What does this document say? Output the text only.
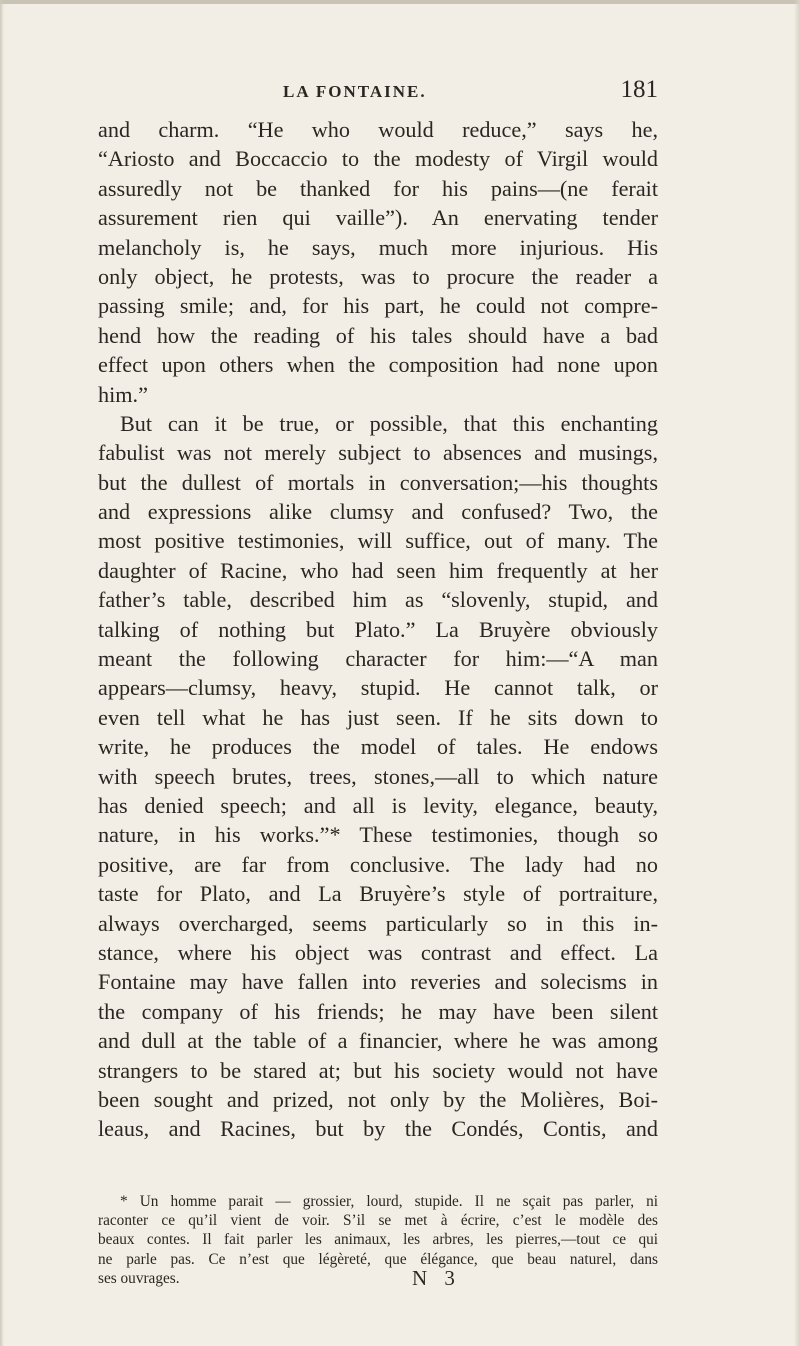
LA FONTAINE.	181
and charm. “He who would reduce,” says he,
“Ariosto and Boccaccio to the modesty of Virgil would
assuredly not be thanked for his pains—(ne ferait
assurement rien qui vaille”). An enervating tender
melancholy is, he says, much more injurious. His
only object, he protests, was to procure the reader a
passing smile; and, for his part, he could not compre-
hend how the reading of his tales should have a bad
effect upon others when the composition had none upon
him.”
But can it be true, or possible, that this enchanting
fabulist was not merely subject to absences and musings,
but the dullest of mortals in conversation;—his thoughts
and expressions alike clumsy and confused? Two, the
most positive testimonies, will suffice, out of many. The
daughter of Racine, who had seen him frequently at her
father’s table, described him as “slovenly, stupid, and
talking of nothing but Plato.” La Bruyère obviously
meant the following character for him:—“A man
appears—clumsy, heavy, stupid. He cannot talk, or
even tell what he has just seen. If he sits down to
write, he produces the model of tales. He endows
with speech brutes, trees, stones,—all to which nature
has denied speech; and all is levity, elegance, beauty,
nature, in his works.”* These testimonies, though so
positive, are far from conclusive. The lady had no
taste for Plato, and La Bruyère’s style of portraiture,
always overcharged, seems particularly so in this in-
stance, where his object was contrast and effect. La
Fontaine may have fallen into reveries and solecisms in
the company of his friends; he may have been silent
and dull at the table of a financier, where he was among
strangers to be stared at; but his society would not have
been sought and prized, not only by the Molières, Boi-
leaus, and Racines, but by the Condés, Contis, and
* Un homme parait — grossier, lourd, stupide. Il ne sçait pas parler, ni
raconter ce qu’il vient de voir. S’il se met à écrire, c’est le modèle des
beaux contes. Il fait parler les animaux, les arbres, les pierres,—tout ce qui
ne parle pas. Ce n’est que légèreté, que élégance, que beau naturel, dans
ses ouvrages.	N 3
